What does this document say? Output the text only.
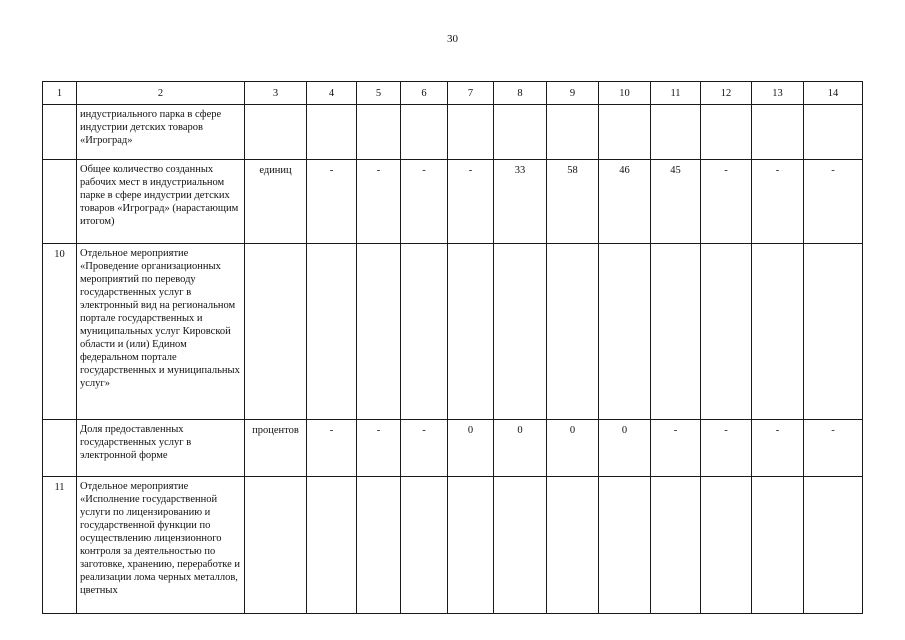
30
1	2	3	4	5	6	7	8	9	10	11	12	13	14
	индустриального парка в сфере индустрии детских товаров «Игроград»												
	Общее количество созданных рабочих мест в индустриальном парке в сфере индустрии детских товаров «Игроград» (нарастающим итогом)	единиц	-	-	-	-	33	58	46	45	-	-	-
10	Отдельное мероприятие «Проведение организационных мероприятий по переводу государственных услуг в электронный вид на региональном портале государственных и муниципальных услуг Кировской области и (или) Едином федеральном портале государственных и муниципальных услуг»												
	Доля предоставленных государственных услуг в электронной форме	процентов	-	-	-	0	0	0	0	-	-	-	-
11	Отдельное мероприятие «Исполнение государственной услуги по лицензированию и государственной функции по осуществлению лицензионного контроля за деятельностью по заготовке, хранению, переработке и реализации лома черных металлов, цветных												
